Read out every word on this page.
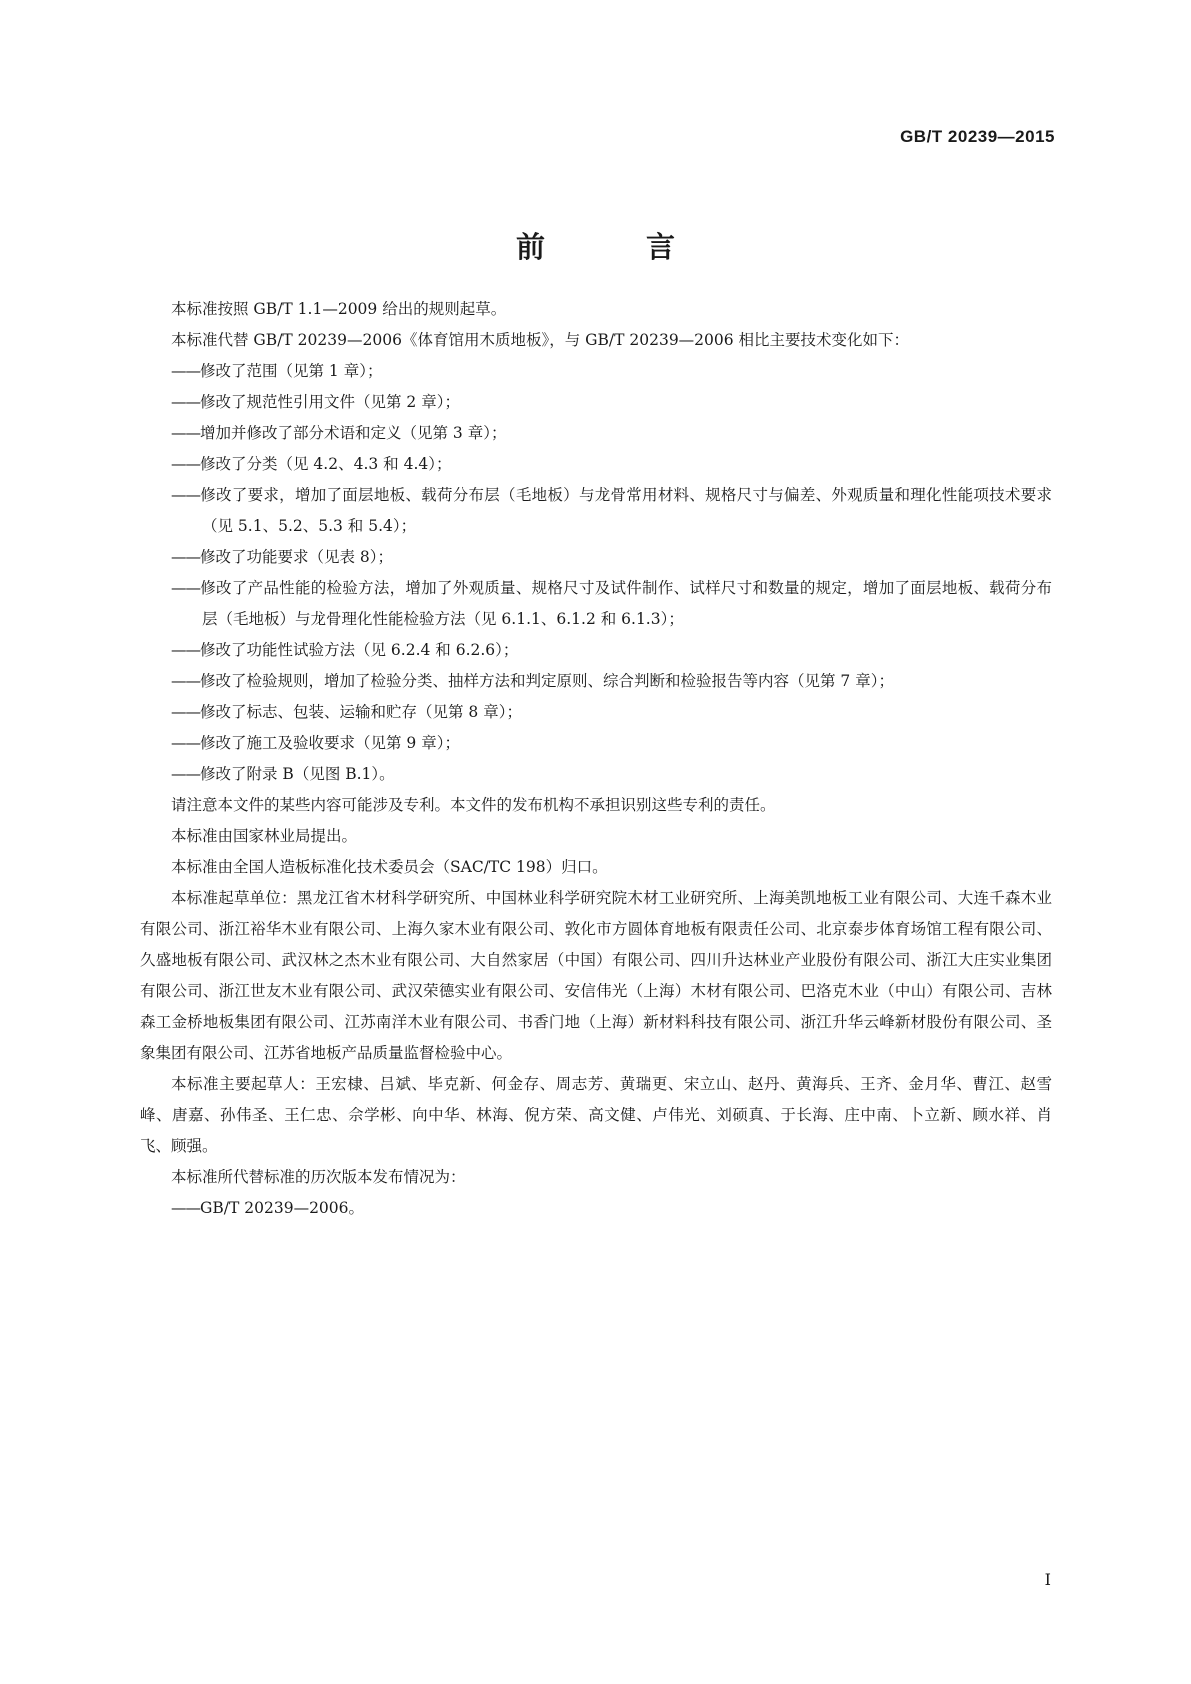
GB/T 20239—2015
前　言

本标准按照 GB/T 1.1—2009 给出的规则起草。

本标准代替 GB/T 20239—2006《体育馆用木质地板》，与 GB/T 20239—2006 相比主要技术变化如下：

——修改了范围（见第 1 章）；
——修改了规范性引用文件（见第 2 章）；
——增加并修改了部分术语和定义（见第 3 章）；
——修改了分类（见 4.2、4.3 和 4.4）；
——修改了要求，增加了面层地板、载荷分布层（毛地板）与龙骨常用材料、规格尺寸与偏差、外观质量和理化性能项技术要求（见 5.1、5.2、5.3 和 5.4）；
——修改了功能要求（见表 8）；
——修改了产品性能的检验方法，增加了外观质量、规格尺寸及试件制作、试样尺寸和数量的规定，增加了面层地板、载荷分布层（毛地板）与龙骨理化性能检验方法（见 6.1.1、6.1.2 和 6.1.3）；
——修改了功能性试验方法（见 6.2.4 和 6.2.6）；
——修改了检验规则，增加了检验分类、抽样方法和判定原则、综合判断和检验报告等内容（见第 7 章）；
——修改了标志、包装、运输和贮存（见第 8 章）；
——修改了施工及验收要求（见第 9 章）；
——修改了附录 B（见图 B.1）。

请注意本文件的某些内容可能涉及专利。本文件的发布机构不承担识别这些专利的责任。

本标准由国家林业局提出。

本标准由全国人造板标准化技术委员会（SAC/TC 198）归口。

本标准起草单位：黑龙江省木材科学研究所、中国林业科学研究院木材工业研究所、上海美凯地板工业有限公司、大连千森木业有限公司、浙江裕华木业有限公司、上海久家木业有限公司、敦化市方圆体育地板有限责任公司、北京泰步体育场馆工程有限公司、久盛地板有限公司、武汉林之杰木业有限公司、大自然家居（中国）有限公司、四川升达林业产业股份有限公司、浙江大庄实业集团有限公司、浙江世友木业有限公司、武汉荣德实业有限公司、安信伟光（上海）木材有限公司、巴洛克木业（中山）有限公司、吉林森工金桥地板集团有限公司、江苏南洋木业有限公司、书香门地（上海）新材料科技有限公司、浙江升华云峰新材股份有限公司、圣象集团有限公司、江苏省地板产品质量监督检验中心。

本标准主要起草人：王宏棣、吕斌、毕克新、何金存、周志芳、黄瑞更、宋立山、赵丹、黄海兵、王齐、金月华、曹江、赵雪峰、唐嘉、孙伟圣、王仁忠、佘学彬、向中华、林海、倪方荣、高文健、卢伟光、刘硕真、于长海、庄中南、卜立新、顾水祥、肖飞、顾强。

本标准所代替标准的历次版本发布情况为：

——GB/T 20239—2006。
I
